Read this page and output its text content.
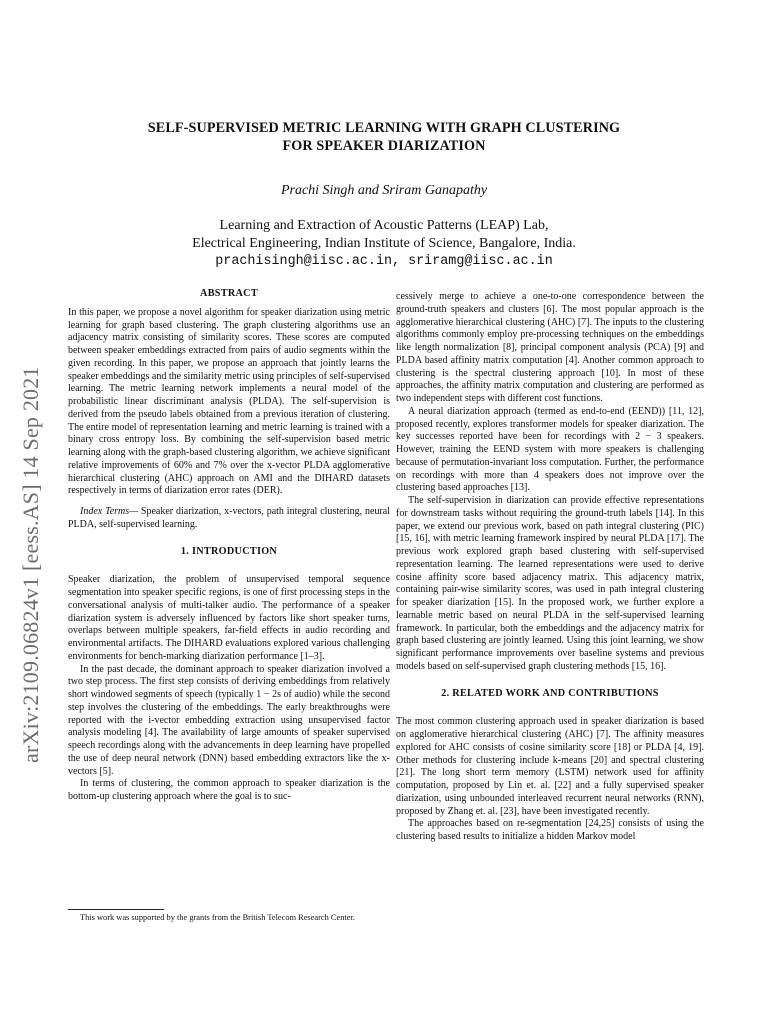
arXiv:2109.06824v1 [eess.AS] 14 Sep 2021
SELF-SUPERVISED METRIC LEARNING WITH GRAPH CLUSTERING
FOR SPEAKER DIARIZATION
Prachi Singh and Sriram Ganapathy
Learning and Extraction of Acoustic Patterns (LEAP) Lab,
Electrical Engineering, Indian Institute of Science, Bangalore, India.
prachisingh@iisc.ac.in, sriramg@iisc.ac.in
ABSTRACT

In this paper, we propose a novel algorithm for speaker diarization using metric learning for graph based clustering. The graph clustering algorithms use an adjacency matrix consisting of similarity scores. These scores are computed between speaker embeddings extracted from pairs of audio segments within the given recording. In this paper, we propose an approach that jointly learns the speaker embeddings and the similarity metric using principles of self-supervised learning. The metric learning network implements a neural model of the probabilistic linear discriminant analysis (PLDA). The self-supervision is derived from the pseudo labels obtained from a previous iteration of clustering. The entire model of representation learning and metric learning is trained with a binary cross entropy loss. By combining the self-supervision based metric learning along with the graph-based clustering algorithm, we achieve significant relative improvements of 60% and 7% over the x-vector PLDA agglomerative hierarchical clustering (AHC) approach on AMI and the DIHARD datasets respectively in terms of diarization error rates (DER).

Index Terms— Speaker diarization, x-vectors, path integral clustering, neural PLDA, self-supervised learning.

1. INTRODUCTION

Speaker diarization, the problem of unsupervised temporal sequence segmentation into speaker specific regions, is one of first processing steps in the conversational analysis of multi-talker audio. The performance of a speaker diarization system is adversely influenced by factors like short speaker turns, overlaps between multiple speakers, far-field effects in audio recording and environmental artifacts. The DIHARD evaluations explored various challenging environments for bench-marking diarization performance [1–3].

In the past decade, the dominant approach to speaker diarization involved a two step process. The first step consists of deriving embeddings from relatively short windowed segments of speech (typically 1 − 2s of audio) while the second step involves the clustering of the embeddings. The early breakthroughs were reported with the i-vector embedding extraction using unsupervised factor analysis modeling [4]. The availability of large amounts of speaker supervised speech recordings along with the advancements in deep learning have propelled the use of deep neural network (DNN) based embedding extractors like the x-vectors [5].

In terms of clustering, the common approach to speaker diarization is the bottom-up clustering approach where the goal is to suc-

This work was supported by the grants from the British Telecom Research Center.

cessively merge to achieve a one-to-one correspondence between the ground-truth speakers and clusters [6]. The most popular approach is the agglomerative hierarchical clustering (AHC) [7]. The inputs to the clustering algorithms commonly employ pre-processing techniques on the embeddings like length normalization [8], principal component analysis (PCA) [9] and PLDA based affinity matrix computation [4]. Another common approach to clustering is the spectral clustering approach [10]. In most of these approaches, the affinity matrix computation and clustering are performed as two independent steps with different cost functions.

A neural diarization approach (termed as end-to-end (EEND)) [11, 12], proposed recently, explores transformer models for speaker diarization. The key successes reported have been for recordings with 2 − 3 speakers. However, training the EEND system with more speakers is challenging because of permutation-invariant loss computation. Further, the performance on recordings with more than 4 speakers does not improve over the clustering based approaches [13].

The self-supervision in diarization can provide effective representations for downstream tasks without requiring the ground-truth labels [14]. In this paper, we extend our previous work, based on path integral clustering (PIC) [15, 16], with metric learning framework inspired by neural PLDA [17]. The previous work explored graph based clustering with self-supervised representation learning. The learned representations were used to derive cosine affinity score based adjacency matrix. This adjacency matrix, containing pair-wise similarity scores, was used in path integral clustering for speaker diarization [15]. In the proposed work, we further explore a learnable metric based on neural PLDA in the self-supervised learning framework. In particular, both the embeddings and the adjacency matrix for graph based clustering are jointly learned. Using this joint learning, we show significant performance improvements over baseline systems and previous models based on self-supervised graph clustering methods [15, 16].

2. RELATED WORK AND CONTRIBUTIONS

The most common clustering approach used in speaker diarization is based on agglomerative hierarchical clustering (AHC) [7]. The affinity measures explored for AHC consists of cosine similarity score [18] or PLDA [4, 19]. Other methods for clustering include k-means [20] and spectral clustering [21]. The long short term memory (LSTM) network used for affinity computation, proposed by Lin et. al. [22] and a fully supervised speaker diarization, using unbounded interleaved recurrent neural networks (RNN), proposed by Zhang et. al. [23], have been investigated recently.

The approaches based on re-segmentation [24,25] consists of using the clustering based results to initialize a hidden Markov model
